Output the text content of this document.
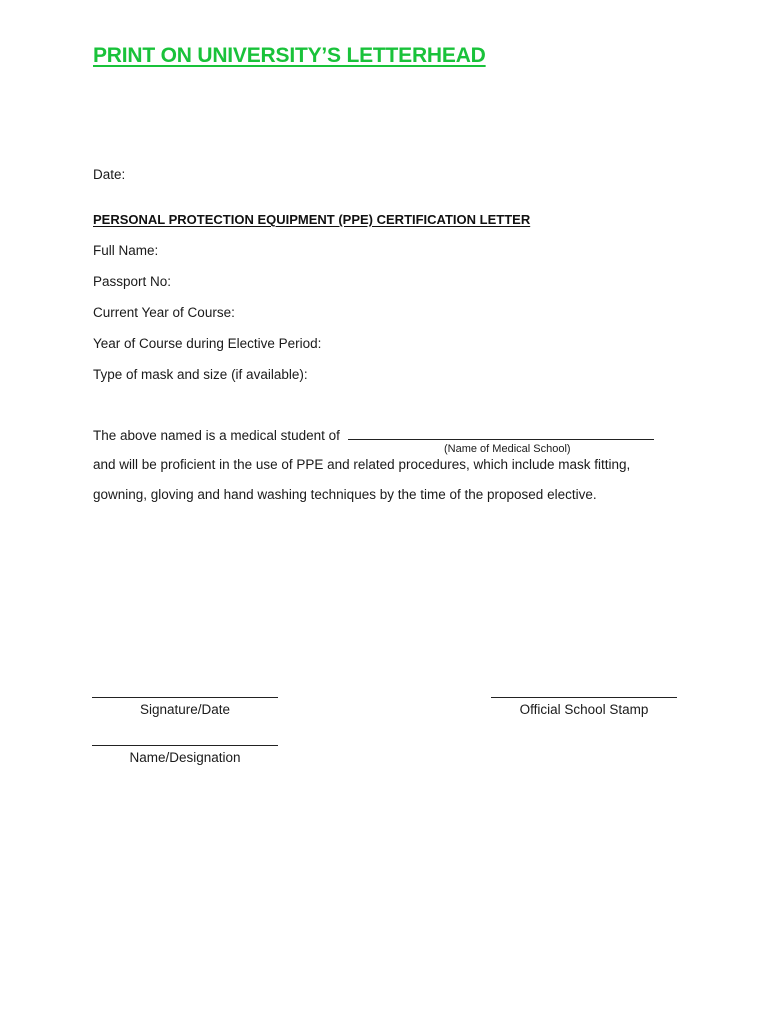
PRINT ON UNIVERSITY’S LETTERHEAD
Date:
PERSONAL PROTECTION EQUIPMENT (PPE) CERTIFICATION LETTER
Full Name:
Passport No:
Current Year of Course:
Year of Course during Elective Period:
Type of mask and size (if available):
The above named is a medical student of
(Name of Medical School)
and will be proficient in the use of PPE and related procedures, which include mask fitting,
gowning, gloving and hand washing techniques by the time of the proposed elective.
Signature/Date	Official School Stamp
Name/Designation
